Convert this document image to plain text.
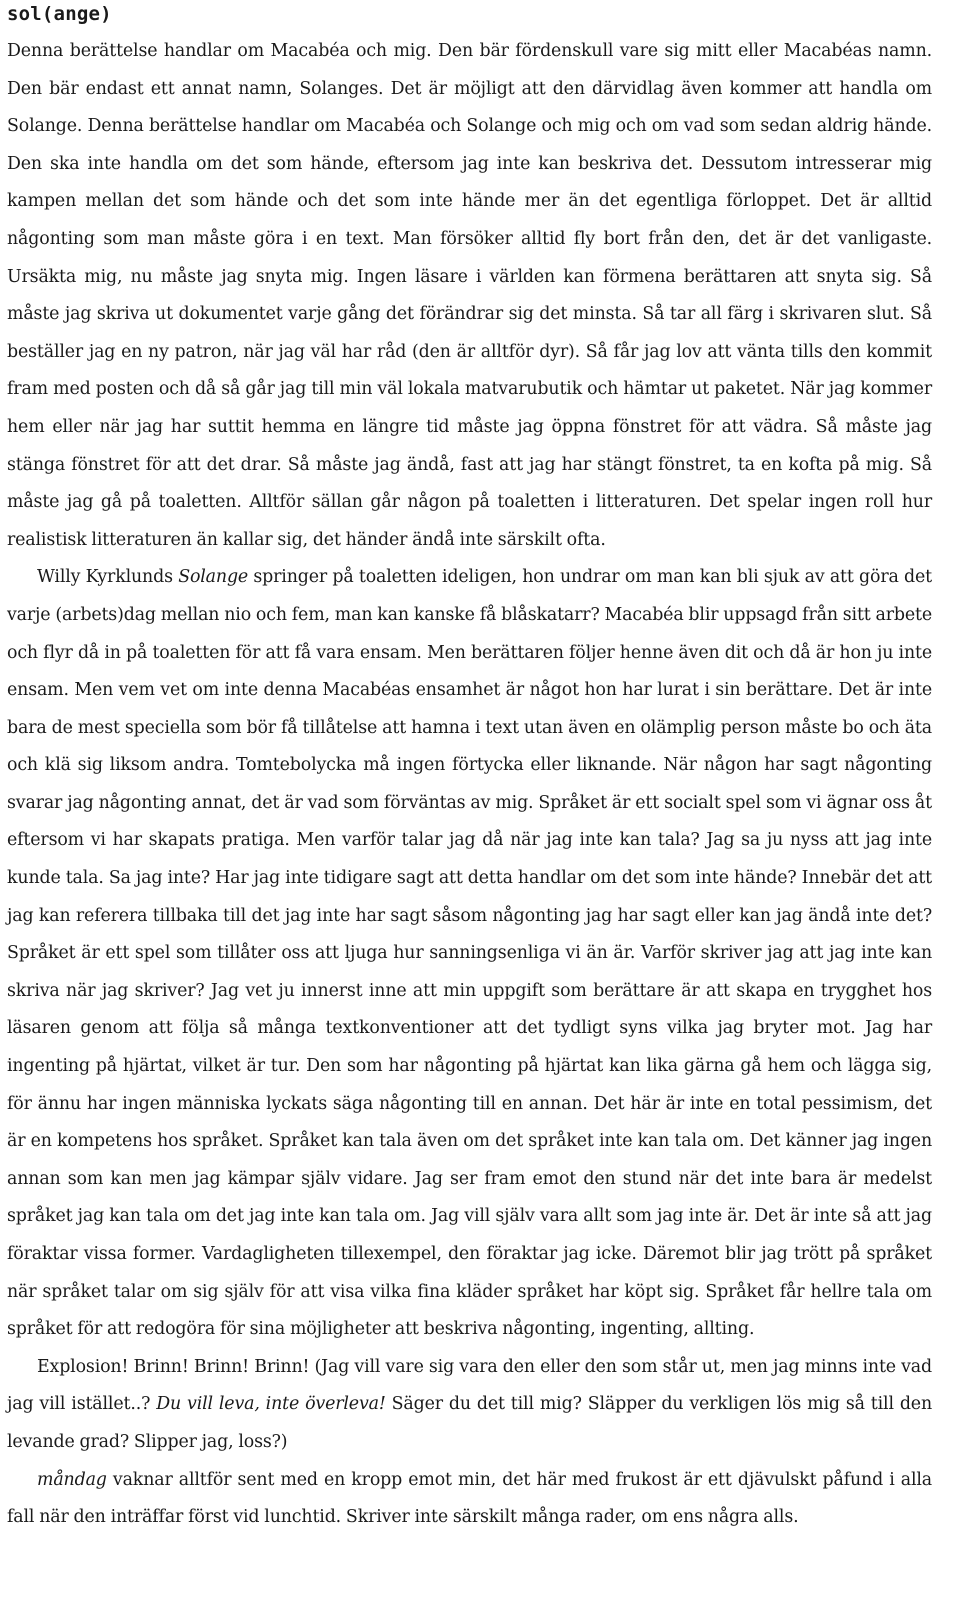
sol(ange)

Denna berättelse handlar om Macabéa och mig. Den bär fördenskull vare sig mitt eller Macabéas namn. Den bär endast ett annat namn, Solanges. Det är möjligt att den därvidlag även kommer att handla om Solange. Denna berättelse handlar om Macabéa och Solange och mig och om vad som sedan aldrig hände. Den ska inte handla om det som hände, eftersom jag inte kan beskriva det. Dessutom intresserar mig kampen mellan det som hände och det som inte hände mer än det egentliga förloppet. Det är alltid någonting som man måste göra i en text. Man försöker alltid fly bort från den, det är det vanligaste. Ursäkta mig, nu måste jag snyta mig. Ingen läsare i världen kan förmena berättaren att snyta sig. Så måste jag skriva ut dokumentet varje gång det förändrar sig det minsta. Så tar all färg i skrivaren slut. Så beställer jag en ny patron, när jag väl har råd (den är alltför dyr). Så får jag lov att vänta tills den kommit fram med posten och då så går jag till min väl lokala matvarubutik och hämtar ut paketet. När jag kommer hem eller när jag har suttit hemma en längre tid måste jag öppna fönstret för att vädra. Så måste jag stänga fönstret för att det drar. Så måste jag ändå, fast att jag har stängt fönstret, ta en kofta på mig. Så måste jag gå på toaletten. Alltför sällan går någon på toaletten i litteraturen. Det spelar ingen roll hur realistisk litteraturen än kallar sig, det händer ändå inte särskilt ofta.

Willy Kyrklunds Solange springer på toaletten ideligen, hon undrar om man kan bli sjuk av att göra det varje (arbets)dag mellan nio och fem, man kan kanske få blåskatarr? Macabéa blir uppsagd från sitt arbete och flyr då in på toaletten för att få vara ensam. Men berättaren följer henne även dit och då är hon ju inte ensam. Men vem vet om inte denna Macabéas ensamhet är något hon har lurat i sin berättare. Det är inte bara de mest speciella som bör få tillåtelse att hamna i text utan även en olämplig person måste bo och äta och klä sig liksom andra. Tomtebolycka må ingen förtycka eller liknande. När någon har sagt någonting svarar jag någonting annat, det är vad som förväntas av mig. Språket är ett socialt spel som vi ägnar oss åt eftersom vi har skapats pratiga. Men varför talar jag då när jag inte kan tala? Jag sa ju nyss att jag inte kunde tala. Sa jag inte? Har jag inte tidigare sagt att detta handlar om det som inte hände? Innebär det att jag kan referera tillbaka till det jag inte har sagt såsom någonting jag har sagt eller kan jag ändå inte det? Språket är ett spel som tillåter oss att ljuga hur sanningsenliga vi än är. Varför skriver jag att jag inte kan skriva när jag skriver? Jag vet ju innerst inne att min uppgift som berättare är att skapa en trygghet hos läsaren genom att följa så många textkonventioner att det tydligt syns vilka jag bryter mot. Jag har ingenting på hjärtat, vilket är tur. Den som har någonting på hjärtat kan lika gärna gå hem och lägga sig, för ännu har ingen människa lyckats säga någonting till en annan. Det här är inte en total pessimism, det är en kompetens hos språket. Språket kan tala även om det språket inte kan tala om. Det känner jag ingen annan som kan men jag kämpar själv vidare. Jag ser fram emot den stund när det inte bara är medelst språket jag kan tala om det jag inte kan tala om. Jag vill själv vara allt som jag inte är. Det är inte så att jag föraktar vissa former. Vardagligheten tillexempel, den föraktar jag icke. Däremot blir jag trött på språket när språket talar om sig själv för att visa vilka fina kläder språket har köpt sig. Språket får hellre tala om språket för att redogöra för sina möjligheter att beskriva någonting, ingenting, allting.

Explosion! Brinn! Brinn! Brinn! (Jag vill vare sig vara den eller den som står ut, men jag minns inte vad jag vill istället..? Du vill leva, inte överleva! Säger du det till mig? Släpper du verkligen lös mig så till den levande grad? Slipper jag, loss?)

måndag vaknar alltför sent med en kropp emot min, det här med frukost är ett djävulskt påfund i alla fall när den inträffar först vid lunchtid. Skriver inte särskilt många rader, om ens några alls.
